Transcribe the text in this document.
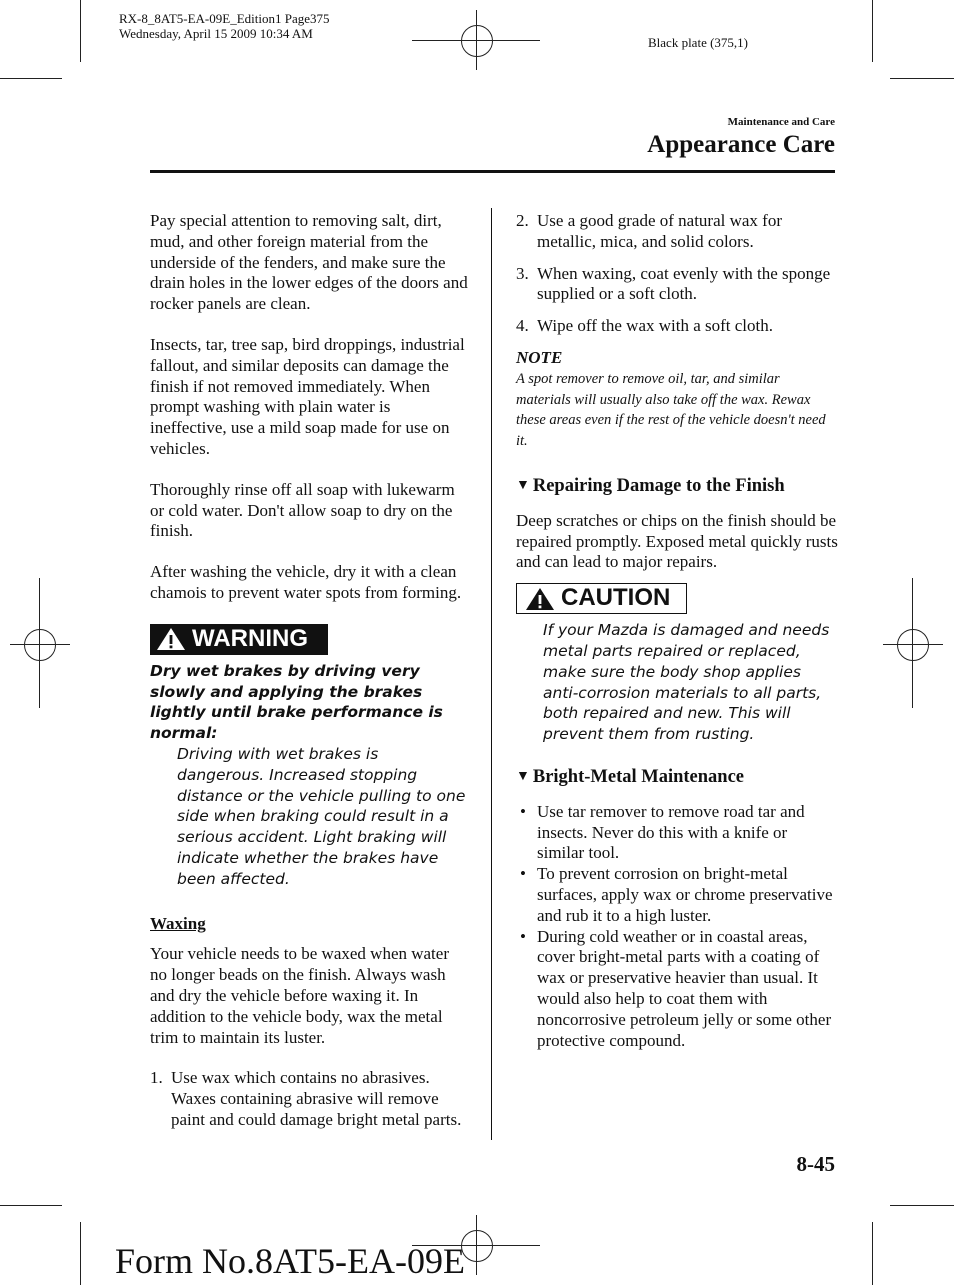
RX-8_8AT5-EA-09E_Edition1 Page375
Wednesday, April 15 2009 10:34 AM
Black plate (375,1)
Maintenance and Care
Appearance Care

Pay special attention to removing salt, dirt, mud, and other foreign material from the underside of the fenders, and make sure the drain holes in the lower edges of the doors and rocker panels are clean.

Insects, tar, tree sap, bird droppings, industrial fallout, and similar deposits can damage the finish if not removed immediately. When prompt washing with plain water is ineffective, use a mild soap made for use on vehicles.

Thoroughly rinse off all soap with lukewarm or cold water. Don't allow soap to dry on the finish.

After washing the vehicle, dry it with a clean chamois to prevent water spots from forming.

WARNING
Dry wet brakes by driving very slowly and applying the brakes lightly until brake performance is normal:
Driving with wet brakes is dangerous. Increased stopping distance or the vehicle pulling to one side when braking could result in a serious accident. Light braking will indicate whether the brakes have been affected.
Waxing

Your vehicle needs to be waxed when water no longer beads on the finish. Always wash and dry the vehicle before waxing it. In addition to the vehicle body, wax the metal trim to maintain its luster.

1. Use wax which contains no abrasives. Waxes containing abrasive will remove paint and could damage bright metal parts.
2. Use a good grade of natural wax for metallic, mica, and solid colors.
3. When waxing, coat evenly with the sponge supplied or a soft cloth.
4. Wipe off the wax with a soft cloth.
NOTE
A spot remover to remove oil, tar, and similar materials will usually also take off the wax. Rewax these areas even if the rest of the vehicle doesn't need it.
▼ Repairing Damage to the Finish

Deep scratches or chips on the finish should be repaired promptly. Exposed metal quickly rusts and can lead to major repairs.

CAUTION
If your Mazda is damaged and needs metal parts repaired or replaced, make sure the body shop applies anti-corrosion materials to all parts, both repaired and new. This will prevent them from rusting.
▼ Bright-Metal Maintenance
• Use tar remover to remove road tar and insects. Never do this with a knife or similar tool.
• To prevent corrosion on bright-metal surfaces, apply wax or chrome preservative and rub it to a high luster.
• During cold weather or in coastal areas, cover bright-metal parts with a coating of wax or preservative heavier than usual. It would also help to coat them with noncorrosive petroleum jelly or some other protective compound.
8-45
Form No.8AT5-EA-09E
